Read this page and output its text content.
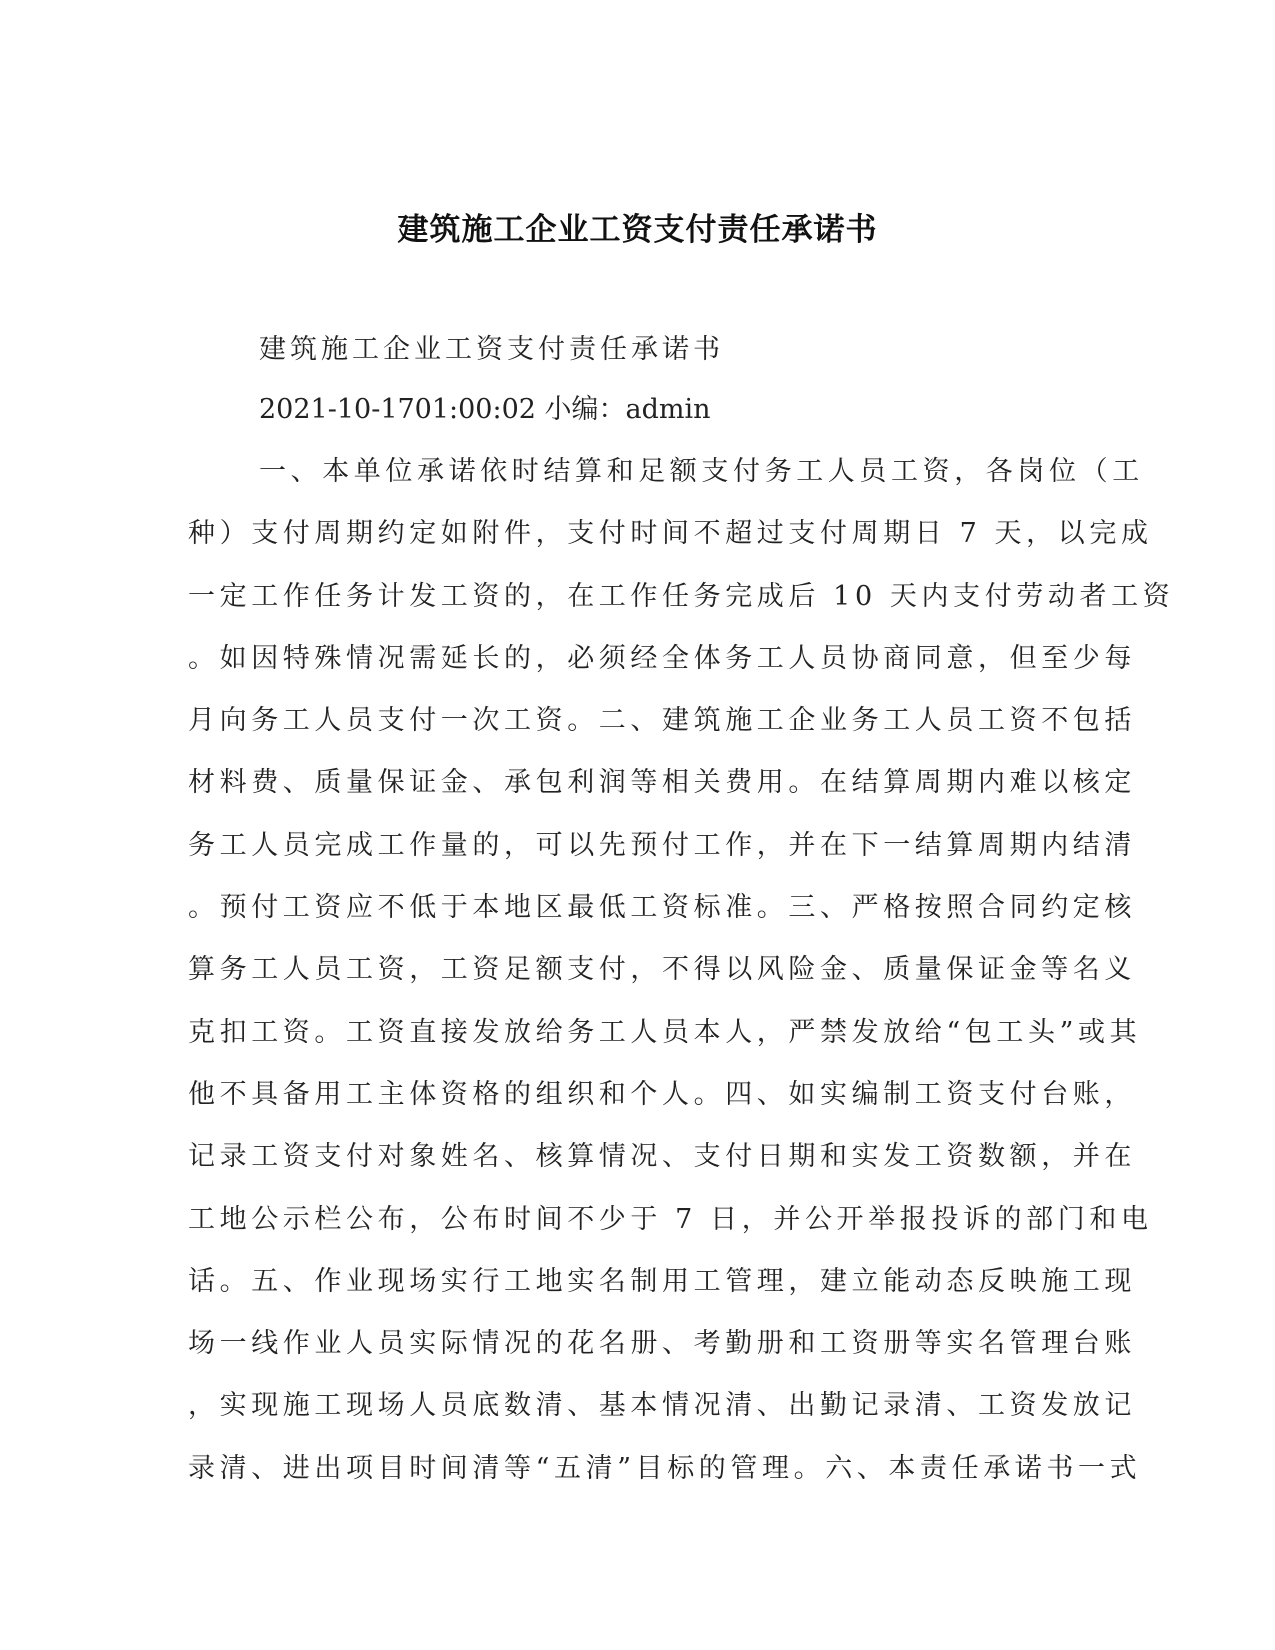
建筑施工企业工资支付责任承诺书

建筑施工企业工资支付责任承诺书

2021-10-1701:00:02 小编：admin

一、本单位承诺依时结算和足额支付务工人员工资，各岗位（工
种）支付周期约定如附件，支付时间不超过支付周期日 7 天，以完成
一定工作任务计发工资的，在工作任务完成后 10 天内支付劳动者工资
。如因特殊情况需延长的，必须经全体务工人员协商同意，但至少每
月向务工人员支付一次工资。二、建筑施工企业务工人员工资不包括
材料费、质量保证金、承包利润等相关费用。在结算周期内难以核定
务工人员完成工作量的，可以先预付工作，并在下一结算周期内结清
。预付工资应不低于本地区最低工资标准。三、严格按照合同约定核
算务工人员工资，工资足额支付，不得以风险金、质量保证金等名义
克扣工资。工资直接发放给务工人员本人，严禁发放给“包工头”或其
他不具备用工主体资格的组织和个人。四、如实编制工资支付台账，
记录工资支付对象姓名、核算情况、支付日期和实发工资数额，并在
工地公示栏公布，公布时间不少于 7 日，并公开举报投诉的部门和电
话。五、作业现场实行工地实名制用工管理，建立能动态反映施工现
场一线作业人员实际情况的花名册、考勤册和工资册等实名管理台账
，实现施工现场人员底数清、基本情况清、出勤记录清、工资发放记
录清、进出项目时间清等“五清”目标的管理。六、本责任承诺书一式
